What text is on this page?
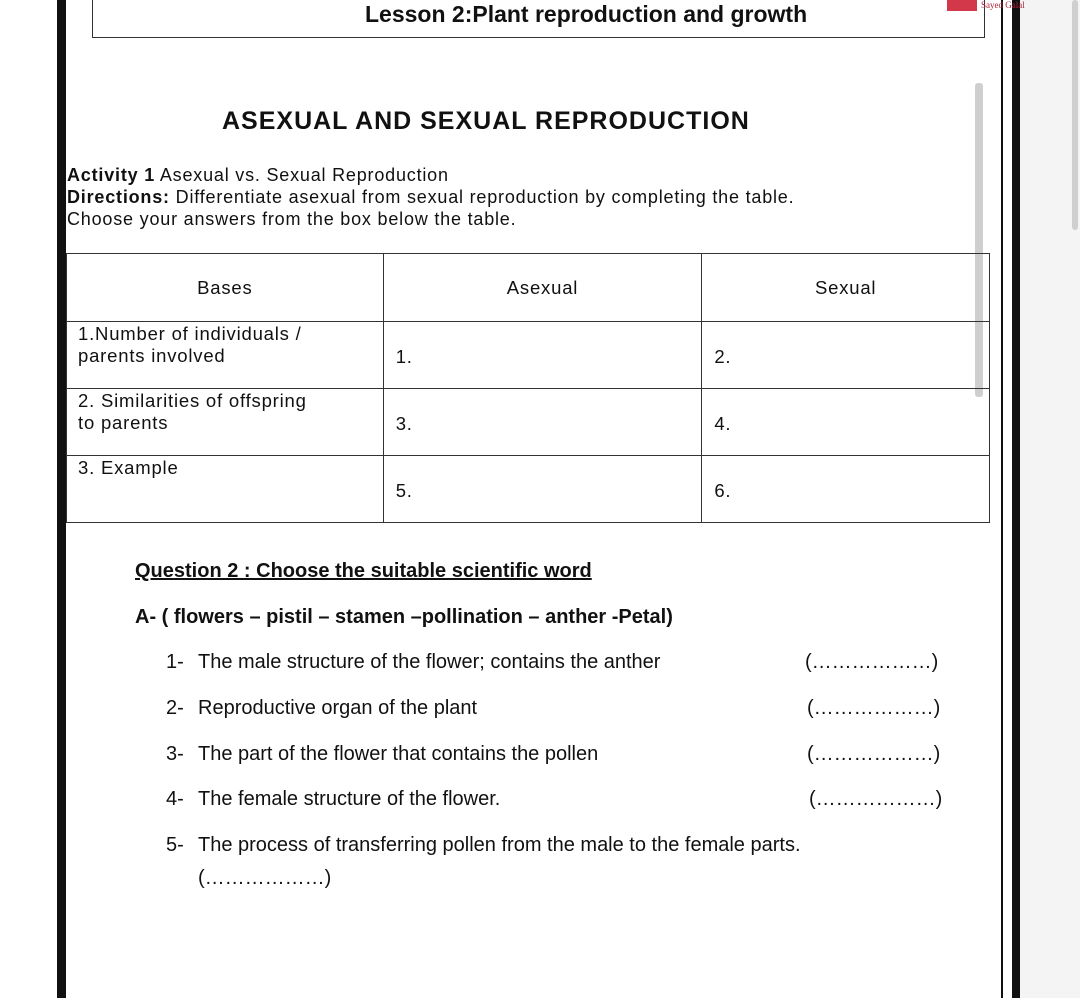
Lesson 2:Plant reproduction and growth	Sayed Galal
ASEXUAL AND SEXUAL REPRODUCTION
Activity 1 Asexual vs. Sexual Reproduction
Directions: Differentiate asexual from sexual reproduction by completing the table.
Choose your answers from the box below the table.
Bases	Asexual	Sexual

1.Number of individuals /
parents involved	1.	2.

2. Similarities of offspring
to parents	3.	4.

3. Example	5.	6.
Question 2 : Choose the suitable scientific word
A- ( flowers – pistil – stamen –pollination – anther -Petal)
1- The male structure of the flower; contains the anther	(………………)
2- Reproductive organ of the plant	(………………)
3- The part of the flower that contains the pollen	(………………)
4- The female structure of the flower.	(………………)
5- The process of transferring pollen from the male to the female parts.
(………………)
